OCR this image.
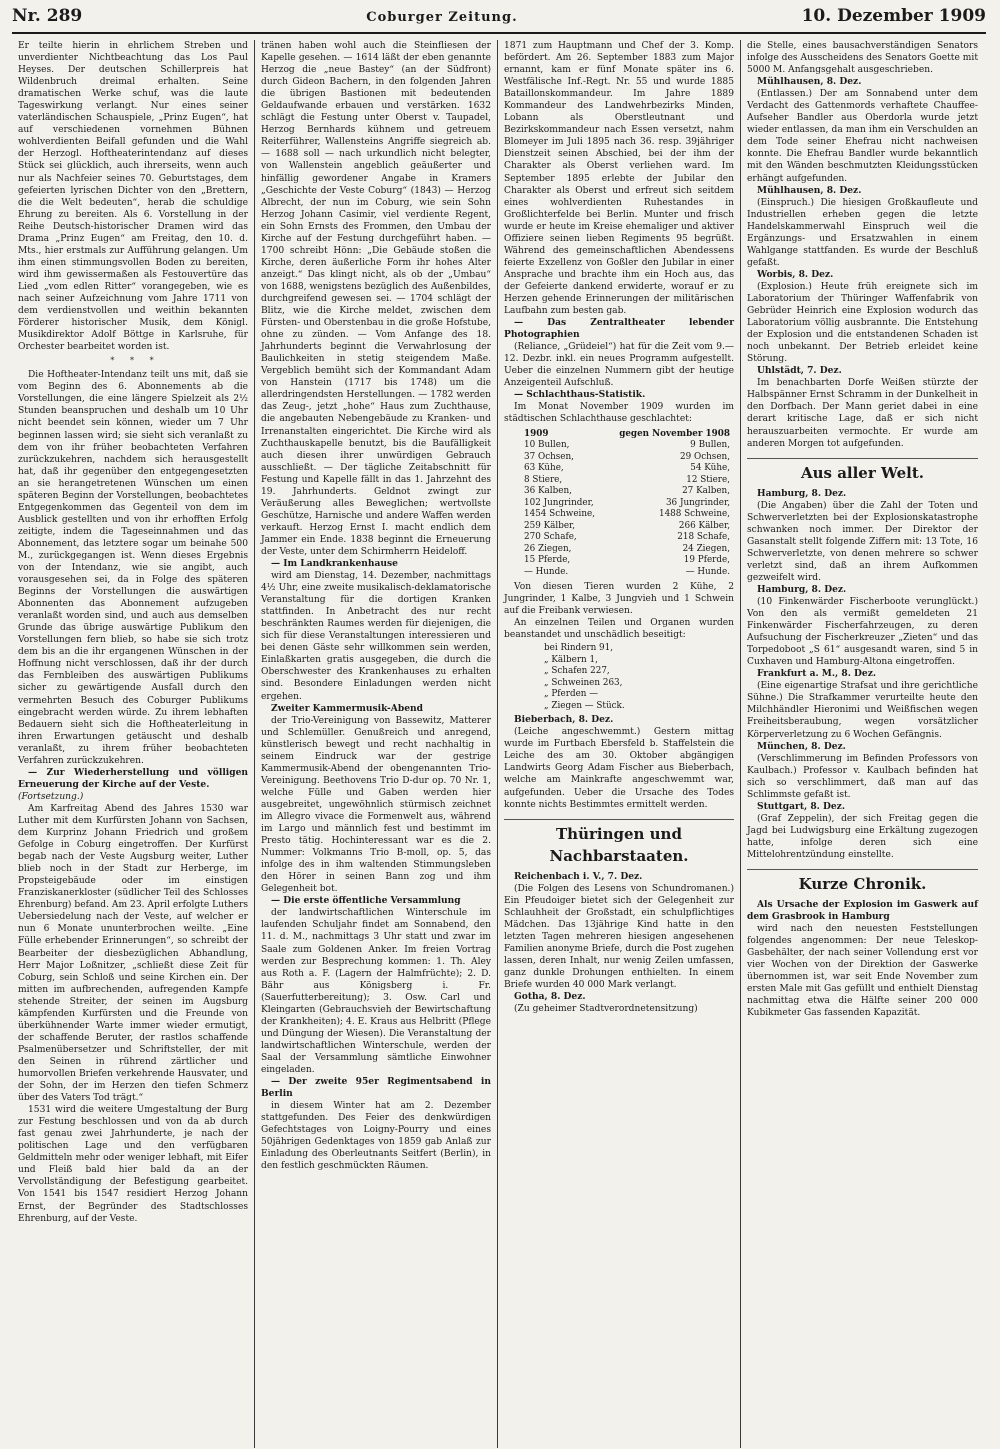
Nr. 289	Coburger Zeitung.	10. Dezember 1909

Er teilte hierin in ehrlichem Streben und unverdienter Nichtbeachtung das Los Paul Heyses. Der deutschen Schillerpreis hat Wildenbruch dreimal erhalten. Seine dramatischen Werke schuf, was die laute Tageswirkung verlangt. Nur eines seiner vaterländischen Schauspiele, „Prinz Eugen“, hat auf verschiedenen vornehmen Bühnen wohlverdienten Beifall gefunden und die Wahl der Herzogl. Hoftheaterintendanz auf dieses Stück sei glücklich, auch ihrerseits, wenn auch nur als Nachfeier seines 70. Geburtstages, dem gefeierten lyrischen Dichter von den „Brettern, die die Welt bedeuten“, herab die schuldige Ehrung zu bereiten. Als 6. Vorstellung in der Reihe Deutsch-historischer Dramen wird das Drama „Prinz Eugen“ am Freitag, den 10. d. Mts., hier erstmals zur Aufführung gelangen. Um ihm einen stimmungsvollen Boden zu bereiten, wird ihm gewissermaßen als Festouvertüre das Lied „vom edlen Ritter“ vorangegeben, wie es nach seiner Aufzeichnung vom Jahre 1711 von dem verdienstvollen und weithin bekannten Förderer historischer Musik, dem Königl. Musikdirektor Adolf Böttge in Karlsruhe, für Orchester bearbeitet worden ist.

*   *   *

Die Hoftheater-Intendanz teilt uns mit, daß sie vom Beginn des 6. Abonnements ab die Vorstellungen, die eine längere Spielzeit als 2½ Stunden beanspruchen und deshalb um 10 Uhr nicht beendet sein können, wieder um 7 Uhr beginnen lassen wird; sie sieht sich veranlaßt zu dem von ihr früher beobachteten Verfahren zurückzukehren, nachdem sich herausgestellt hat, daß ihr gegenüber den entgegengesetzten an sie herangetretenen Wünschen um einen späteren Beginn der Vorstellungen, beobachtetes Entgegenkommen das Gegenteil von dem im Ausblick gestellten und von ihr erhofften Erfolg zeitigte, indem die Tageseinnahmen und das Abonnement, das letztere sogar um beinahe 500 M., zurückgegangen ist. Wenn dieses Ergebnis von der Intendanz, wie sie angibt, auch vorausgesehen sei, da in Folge des späteren Beginns der Vorstellungen die auswärtigen Abonnenten das Abonnement aufzugeben veranlaßt worden sind, und auch aus demselben Grunde das übrige auswärtige Publikum den Vorstellungen fern blieb, so habe sie sich trotz dem bis an die ihr ergangenen Wünschen in der Hoffnung nicht verschlossen, daß ihr der durch das Fernbleiben des auswärtigen Publikums sicher zu gewärtigende Ausfall durch den vermehrten Besuch des Coburger Publikums eingebracht werden würde. Zu ihrem lebhaften Bedauern sieht sich die Hoftheaterleitung in ihren Erwartungen getäuscht und deshalb veranlaßt, zu ihrem früher beobachteten Verfahren zurückzukehren.

— Zur Wiederherstellung und völligen Erneuerung der Kirche auf der Veste.

(Fortsetzung.)

Am Karfreitag Abend des Jahres 1530 war Luther mit dem Kurfürsten Johann von Sachsen, dem Kurprinz Johann Friedrich und großem Gefolge in Coburg eingetroffen. Der Kurfürst begab nach der Veste Augsburg weiter, Luther blieb noch in der Stadt zur Herberge, im Propsteigebäude oder im einstigen Franziskanerkloster (südlicher Teil des Schlosses Ehrenburg) befand. Am 23. April erfolgte Luthers Uebersiedelung nach der Veste, auf welcher er nun 6 Monate ununterbrochen weilte. „Eine Fülle erhebender Erinnerungen“, so schreibt der Bearbeiter der diesbezüglichen Abhandlung, Herr Major Loßnitzer, „schließt diese Zeit für Coburg, sein Schloß und seine Kirchen ein. Der mitten im aufbrechenden, aufregenden Kampfe stehende Streiter, der seinen im Augsburg kämpfenden Kurfürsten und die Freunde von überkühnender Warte immer wieder ermutigt, der schaffende Beruter, der rastlos schaffende Psalmenübersetzer und Schriftsteller, der mit den Seinen in rührend zärtlicher und humorvollen Briefen verkehrende Hausvater, und der Sohn, der im Herzen den tiefen Schmerz über des Vaters Tod trägt.“

1531 wird die weitere Umgestaltung der Burg zur Festung beschlossen und von da ab durch fast genau zwei Jahrhunderte, je nach der politischen Lage und den verfügbaren Geldmitteln mehr oder weniger lebhaft, mit Eifer und Fleiß bald hier bald da an der Vervollständigung der Befestigung gearbeitet. Von 1541 bis 1547 residiert Herzog Johann Ernst, der Begründer des Stadtschlosses Ehrenburg, auf der Veste.

tränen haben wohl auch die Steinfliesen der Kapelle gesehen. — 1614 läßt der eben genannte Herzog die „neue Bastey“ (an der Südfront) durch Gideon Bachern, in den folgenden Jahren die übrigen Bastionen mit bedeutenden Geldaufwande erbauen und verstärken. 1632 schlägt die Festung unter Oberst v. Taupadel, Herzog Bernhards kühnem und getreuem Reiterführer, Wallensteins Angriffe siegreich ab. — 1688 soll — nach urkundlich nicht belegter, von Wallenstein angeblich geäußerter und hinfällig gewordener Angabe in Kramers „Geschichte der Veste Coburg“ (1843) — Herzog Albrecht, der nun im Coburg, wie sein Sohn Herzog Johann Casimir, viel verdiente Regent, ein Sohn Ernsts des Frommen, den Umbau der Kirche auf der Festung durchgeführt haben. — 1700 schreibt Hönn: „Die Gebäude stoßen die Kirche, deren äußerliche Form ihr hohes Alter anzeigt.“ Das klingt nicht, als ob der „Umbau“ von 1688, wenigstens bezüglich des Außenbildes, durchgreifend gewesen sei. — 1704 schlägt der Blitz, wie die Kirche meldet, zwischen dem Fürsten- und Oberstenbau in die große Hofstube, ohne zu zünden. — Vom Anfange des 18. Jahrhunderts beginnt die Verwahrlosung der Baulichkeiten in stetig steigendem Maße. Vergeblich bemüht sich der Kommandant Adam von Hanstein (1717 bis 1748) um die allerdringendsten Herstellungen. — 1782 werden das Zeug-, jetzt „hohe“ Haus zum Zuchthause, die angebauten Nebengebäude zu Kranken- und Irrenanstalten eingerichtet. Die Kirche wird als Zuchthauskapelle benutzt, bis die Baufälligkeit auch diesen ihrer unwürdigen Gebrauch ausschließt. — Der tägliche Zeitabschnitt für Festung und Kapelle fällt in das 1. Jahrzehnt des 19. Jahrhunderts. Geldnot zwingt zur Veräußerung alles Beweglichen; wertvollste Geschütze, Harnische und andere Waffen werden verkauft. Herzog Ernst I. macht endlich dem Jammer ein Ende. 1838 beginnt die Erneuerung der Veste, unter dem Schirmherrn Heideloff.

— Im Landkrankenhause

wird am Dienstag, 14. Dezember, nachmittags 4½ Uhr, eine zweite musikalisch-deklamatorische Veranstaltung für die dortigen Kranken stattfinden. In Anbetracht des nur recht beschränkten Raumes werden für diejenigen, die sich für diese Veranstaltungen interessieren und bei denen Gäste sehr willkommen sein werden, Einlaßkarten gratis ausgegeben, die durch die Oberschwester des Krankenhauses zu erhalten sind. Besondere Einladungen werden nicht ergehen.

Zweiter Kammermusik-Abend

der Trio-Vereinigung von Bassewitz, Matterer und Schlemüller. Genußreich und anregend, künstlerisch bewegt und recht nachhaltig in seinem Eindruck war der gestrige Kammermusik-Abend der obengenannten Trio-Vereinigung. Beethovens Trio D-dur op. 70 Nr. 1, welche Fülle und Gaben werden hier ausgebreitet, ungewöhnlich stürmisch zeichnet im Allegro vivace die Formenwelt aus, während im Largo und männlich fest und bestimmt im Presto tätig. Hochinteressant war es die 2. Nummer: Volkmanns Trio B-moll, op. 5, das infolge des in ihm waltenden Stimmungsleben den Hörer in seinen Bann zog und ihm Gelegenheit bot.

— Die erste öffentliche Versammlung

der landwirtschaftlichen Winterschule im laufenden Schuljahr findet am Sonnabend, den 11. d. M., nachmittags 3 Uhr statt und zwar im Saale zum Goldenen Anker. Im freien Vortrag werden zur Besprechung kommen: 1. Th. Aley aus Roth a. F. (Lagern der Halmfrüchte); 2. D. Bähr aus Königsberg i. Fr. (Sauerfutterbereitung); 3. Osw. Carl und Kleingarten (Gebrauchsvieh der Bewirtschaftung der Krankheiten); 4. E. Kraus aus Helbritt (Pflege und Düngung der Wiesen). Die Veranstaltung der landwirtschaftlichen Winterschule, werden der Saal der Versammlung sämtliche Einwohner eingeladen.

— Der zweite 95er Regimentsabend in Berlin

in diesem Winter hat am 2. Dezember stattgefunden. Des Feier des denkwürdigen Gefechtstages von Loigny-Pourry und eines 50jährigen Gedenktages von 1859 gab Anlaß zur Einladung des Oberleutnants Seitfert (Berlin), in den festlich geschmückten Räumen.

1871 zum Hauptmann und Chef der 3. Komp. befördert. Am 26. September 1883 zum Major ernannt, kam er fünf Monate später ins 6. Westfälische Inf.-Regt. Nr. 55 und wurde 1885 Bataillonskommandeur. Im Jahre 1889 Kommandeur des Landwehrbezirks Minden, Lobann als Oberstleutnant und Bezirkskommandeur nach Essen versetzt, nahm Blomeyer im Juli 1895 nach 36. resp. 39jähriger Dienstzeit seinen Abschied, bei der ihm der Charakter als Oberst verliehen ward. Im September 1895 erlebte der Jubilar den Charakter als Oberst und erfreut sich seitdem eines wohlverdienten Ruhestandes in Großlichterfelde bei Berlin. Munter und frisch wurde er heute im Kreise ehemaliger und aktiver Offiziere seinen lieben Regiments 95 begrüßt. Während des gemeinschaftlichen Abendessens feierte Exzellenz von Goßler den Jubilar in einer Ansprache und brachte ihm ein Hoch aus, das der Gefeierte dankend erwiderte, worauf er zu Herzen gehende Erinnerungen der militärischen Laufbahn zum besten gab.

— Das Zentraltheater lebender Photographien

(Reliance, „Grüdeiel“) hat für die Zeit vom 9.—12. Dezbr. inkl. ein neues Programm aufgestellt. Ueber die einzelnen Nummern gibt der heutige Anzeigenteil Aufschluß.

— Schlachthaus-Statistik.

Im Monat November 1909 wurden im städtischen Schlachthause geschlachtet:

1909	gegen November 1908
10 Bullen,	9 Bullen,
37 Ochsen,	29 Ochsen,
63 Kühe,	54 Kühe,
8 Stiere,	12 Stiere,
36 Kalben,	27 Kalben,
102 Jungrinder,	36 Jungrinder,
1454 Schweine,	1488 Schweine,
259 Kälber,	266 Kälber,
270 Schafe,	218 Schafe,
26 Ziegen,	24 Ziegen,
15 Pferde,	19 Pferde,
— Hunde.	— Hunde.

Von diesen Tieren wurden 2 Kühe, 2 Jungrinder, 1 Kalbe, 3 Jungvieh und 1 Schwein auf die Freibank verwiesen.

An einzelnen Teilen und Organen wurden beanstandet und unschädlich beseitigt:

bei Rindern 91,
„ Kälbern 1,
„ Schafen 227,
„ Schweinen 263,
„ Pferden —
„ Ziegen — Stück.

Bieberbach, 8. Dez.

(Leiche angeschwemmt.) Gestern mittag wurde im Furtbach Ebersfeld b. Staffelstein die Leiche des am 30. Oktober abgängigen Landwirts Georg Adam Fischer aus Bieberbach, welche am Mainkrafte angeschwemmt war, aufgefunden. Ueber die Ursache des Todes konnte nichts Bestimmtes ermittelt werden.

Thüringen und Nachbarstaaten.

Reichenbach i. V., 7. Dez.

(Die Folgen des Lesens von Schundromanen.) Ein Pfeudoiger bietet sich der Gelegenheit zur Schlauhheit der Großstadt, ein schulpflichtiges Mädchen. Das 13jährige Kind hatte in den letzten Tagen mehreren hiesigen angesehenen Familien anonyme Briefe, durch die Post zugehen lassen, deren Inhalt, nur wenig Zeilen umfassen, ganz dunkle Drohungen enthielten. In einem Briefe wurden 40 000 Mark verlangt.

Gotha, 8. Dez.

(Zu geheimer Stadtverordnetensitzung)

die Stelle, eines bausachverständigen Senators infolge des Ausscheidens des Senators Goette mit 5000 M. Anfangsgehalt ausgeschrieben.

Mühlhausen, 8. Dez.

(Entlassen.) Der am Sonnabend unter dem Verdacht des Gattenmords verhaftete Chauffee-Aufseher Bandler aus Oberdorla wurde jetzt wieder entlassen, da man ihm ein Verschulden an dem Tode seiner Ehefrau nicht nachweisen konnte. Die Ehefrau Bandler wurde bekanntlich mit den Wänden beschmutzten Kleidungsstücken erhängt aufgefunden.

Mühlhausen, 8. Dez.

(Einspruch.) Die hiesigen Großkaufleute und Industriellen erheben gegen die letzte Handelskammerwahl Einspruch weil die Ergänzungs- und Ersatzwahlen in einem Wahlgange stattfanden. Es wurde der Beschluß gefaßt.

Worbis, 8. Dez.

(Explosion.) Heute früh ereignete sich im Laboratorium der Thüringer Waffenfabrik von Gebrüder Heinrich eine Explosion wodurch das Laboratorium völlig ausbrannte. Die Entstehung der Explosion und die entstandenen Schaden ist noch unbekannt. Der Betrieb erleidet keine Störung.

Uhlstädt, 7. Dez.

Im benachbarten Dorfe Weißen stürzte der Halbspänner Ernst Schramm in der Dunkelheit in den Dorfbach. Der Mann geriet dabei in eine derart kritische Lage, daß er sich nicht herauszuarbeiten vermochte. Er wurde am anderen Morgen tot aufgefunden.

Aus aller Welt.

Hamburg, 8. Dez.

(Die Angaben) über die Zahl der Toten und Schwerverletzten bei der Explosionskatastrophe schwanken noch immer. Der Direktor der Gasanstalt stellt folgende Ziffern mit: 13 Tote, 16 Schwerverletzte, von denen mehrere so schwer verletzt sind, daß an ihrem Aufkommen gezweifelt wird.

Hamburg, 8. Dez.

(10 Finkenwärder Fischerboote verunglückt.) Von den als vermißt gemeldeten 21 Finkenwärder Fischerfahrzeugen, zu deren Aufsuchung der Fischerkreuzer „Zieten“ und das Torpedoboot „S 61“ ausgesandt waren, sind 5 in Cuxhaven und Hamburg-Altona eingetroffen.

Frankfurt a. M., 8. Dez.

(Eine eigenartige Strafsat und ihre gerichtliche Sühne.) Die Strafkammer verurteilte heute den Milchhändler Hieronimi und Weißfischen wegen Freiheitsberaubung, wegen vorsätzlicher Körperverletzung zu 6 Wochen Gefängnis.

München, 8. Dez.

(Verschlimmerung im Befinden Professors von Kaulbach.) Professor v. Kaulbach befinden hat sich so verschlimmert, daß man auf das Schlimmste gefaßt ist.

Stuttgart, 8. Dez.

(Graf Zeppelin), der sich Freitag gegen die Jagd bei Ludwigsburg eine Erkältung zugezogen hatte, infolge deren sich eine Mittelohrentzündung einstellte.

Kurze Chronik.

Als Ursache der Explosion im Gaswerk auf dem Grasbrook in Hamburg

wird nach den neuesten Feststellungen folgendes angenommen: Der neue Teleskop-Gasbehälter, der nach seiner Vollendung erst vor vier Wochen von der Direktion der Gaswerke übernommen ist, war seit Ende November zum ersten Male mit Gas gefüllt und enthielt Dienstag nachmittag etwa die Hälfte seiner 200 000 Kubikmeter Gas fassenden Kapazität.
